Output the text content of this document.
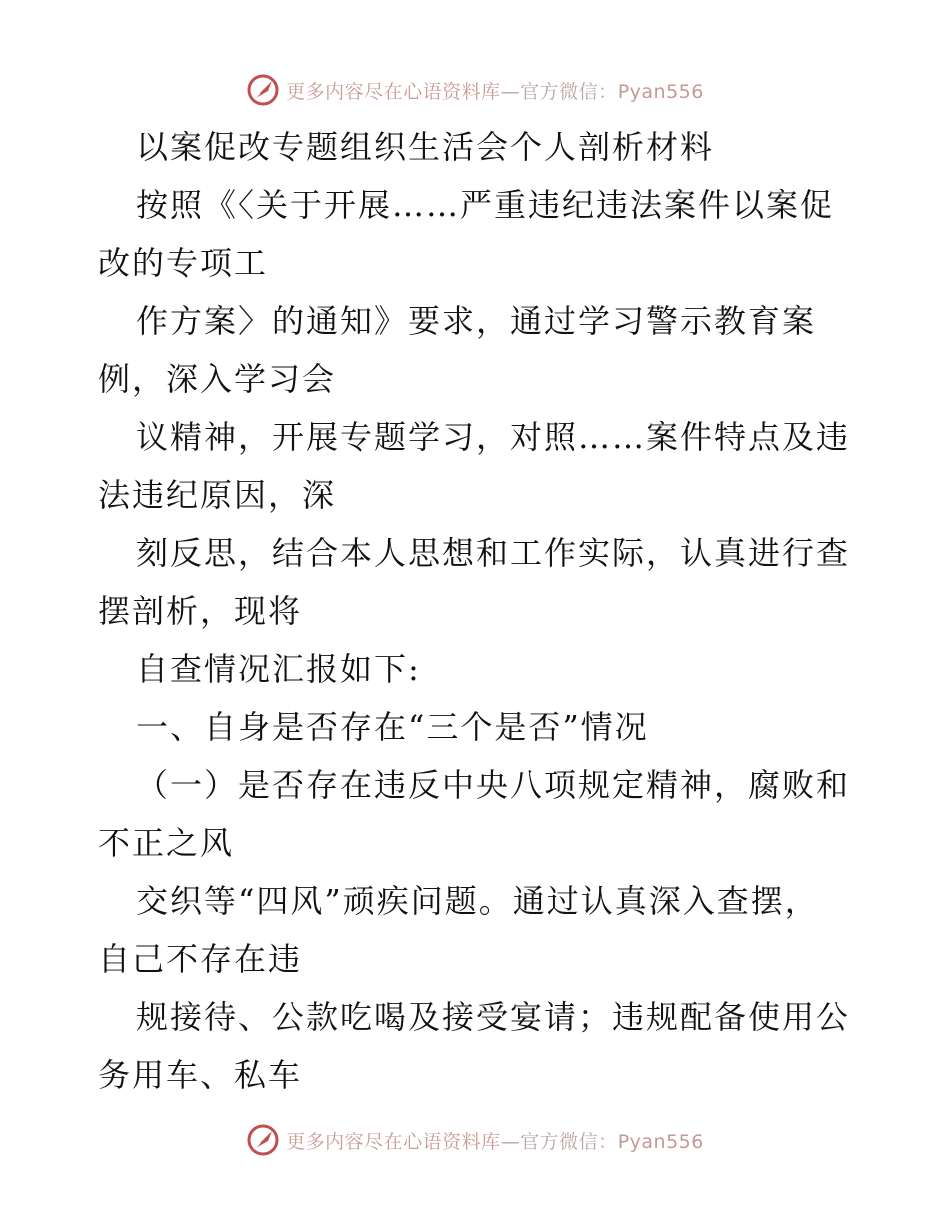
更多内容尽在心语资料库—官方微信：Pyan556
以案促改专题组织生活会个人剖析材料
按照《〈关于开展……严重违纪违法案件以案促
改的专项工
作方案〉的通知》要求，通过学习警示教育案
例，深入学习会
议精神，开展专题学习，对照……案件特点及违
法违纪原因，深
刻反思，结合本人思想和工作实际，认真进行查
摆剖析，现将
自查情况汇报如下:
一、自身是否存在“三个是否”情况
（一）是否存在违反中央八项规定精神，腐败和
不正之风
交织等“四风”顽疾问题。通过认真深入查摆，
自己不存在违
规接待、公款吃喝及接受宴请；违规配备使用公
务用车、私车
更多内容尽在心语资料库—官方微信：Pyan556
